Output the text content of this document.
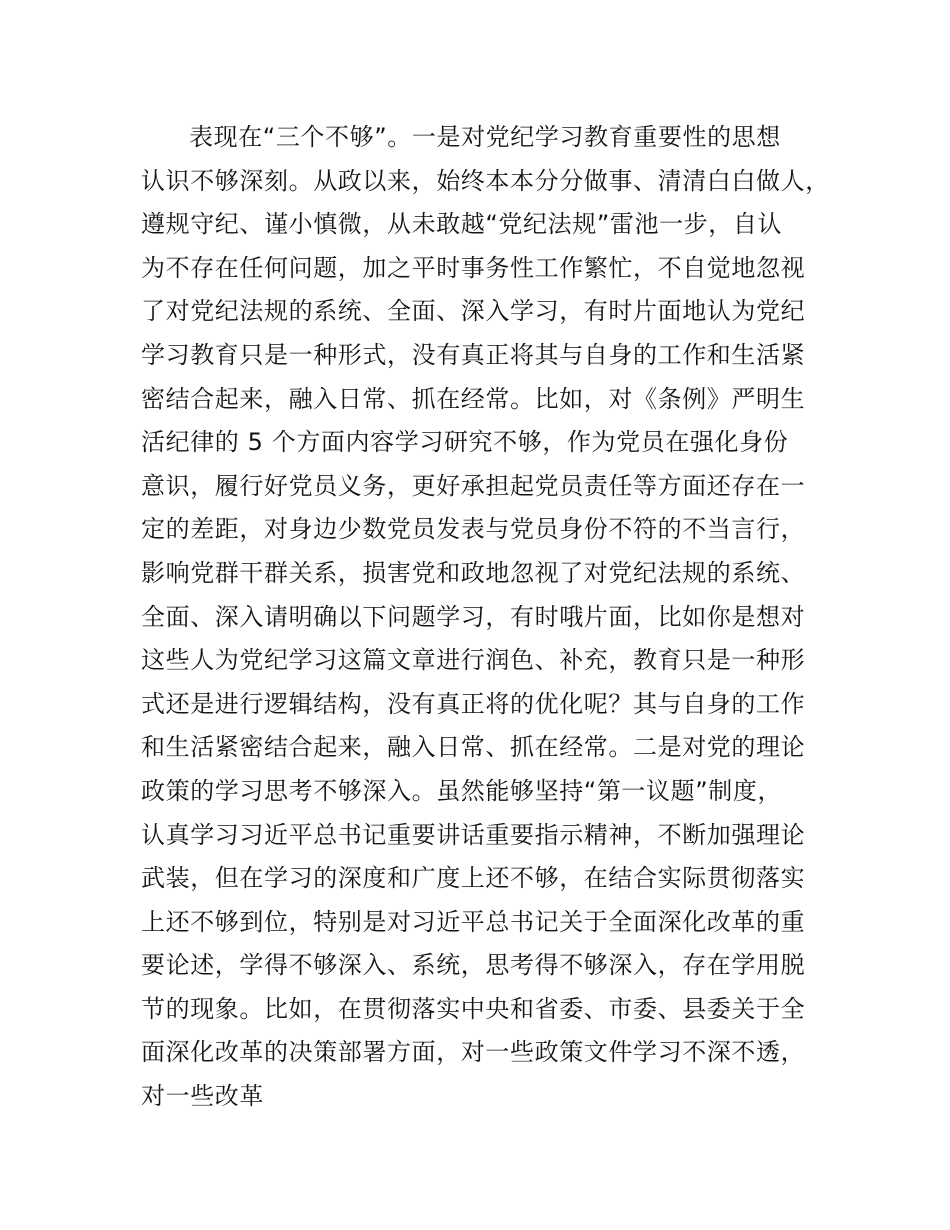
表现在“三个不够”。一是对党纪学习教育重要性的思想
认识不够深刻。从政以来，始终本本分分做事、清清白白做人，
遵规守纪、谨小慎微，从未敢越“党纪法规”雷池一步，自认
为不存在任何问题，加之平时事务性工作繁忙，不自觉地忽视
了对党纪法规的系统、全面、深入学习，有时片面地认为党纪
学习教育只是一种形式，没有真正将其与自身的工作和生活紧
密结合起来，融入日常、抓在经常。比如，对《条例》严明生
活纪律的 5 个方面内容学习研究不够，作为党员在强化身份
意识，履行好党员义务，更好承担起党员责任等方面还存在一
定的差距，对身边少数党员发表与党员身份不符的不当言行，
影响党群干群关系，损害党和政地忽视了对党纪法规的系统、
全面、深入请明确以下问题学习，有时哦片面，比如你是想对
这些人为党纪学习这篇文章进行润色、补充，教育只是一种形
式还是进行逻辑结构，没有真正将的优化呢？其与自身的工作
和生活紧密结合起来，融入日常、抓在经常。二是对党的理论
政策的学习思考不够深入。虽然能够坚持“第一议题”制度，
认真学习习近平总书记重要讲话重要指示精神，不断加强理论
武装，但在学习的深度和广度上还不够，在结合实际贯彻落实
上还不够到位，特别是对习近平总书记关于全面深化改革的重
要论述，学得不够深入、系统，思考得不够深入，存在学用脱
节的现象。比如，在贯彻落实中央和省委、市委、县委关于全
面深化改革的决策部署方面，对一些政策文件学习不深不透，
对一些改革
